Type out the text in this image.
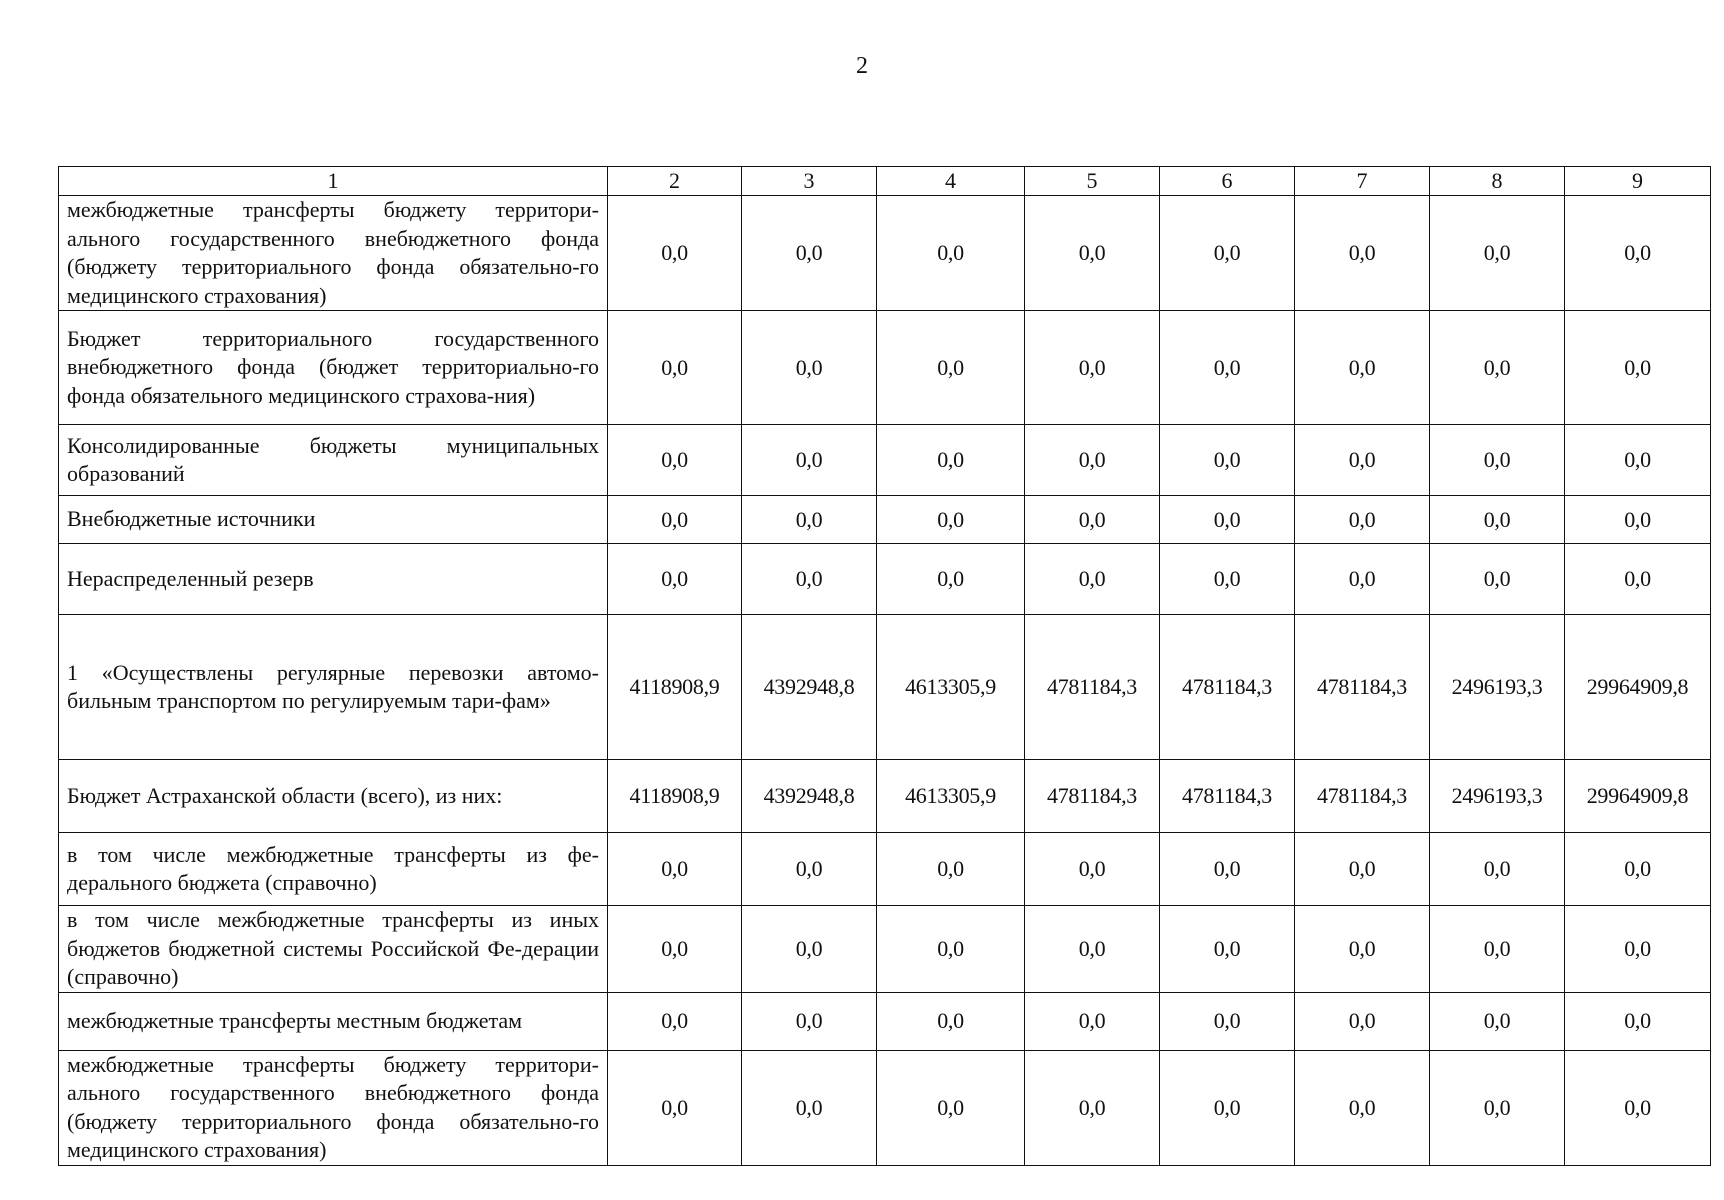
2
1	2	3	4	5	6	7	8	9
межбюджетные трансферты бюджету территори-ального государственного внебюджетного фонда (бюджету территориального фонда обязательно-го медицинского страхования)	0,0	0,0	0,0	0,0	0,0	0,0	0,0	0,0
Бюджет территориального государственного внебюджетного фонда (бюджет территориально-го фонда обязательного медицинского страхова-ния)	0,0	0,0	0,0	0,0	0,0	0,0	0,0	0,0
Консолидированные бюджеты муниципальных образований	0,0	0,0	0,0	0,0	0,0	0,0	0,0	0,0
Внебюджетные источники	0,0	0,0	0,0	0,0	0,0	0,0	0,0	0,0
Нераспределенный резерв	0,0	0,0	0,0	0,0	0,0	0,0	0,0	0,0
1 «Осуществлены регулярные перевозки автомо-бильным транспортом по регулируемым тари-фам»	4118908,9	4392948,8	4613305,9	4781184,3	4781184,3	4781184,3	2496193,3	29964909,8
Бюджет Астраханской области (всего), из них:	4118908,9	4392948,8	4613305,9	4781184,3	4781184,3	4781184,3	2496193,3	29964909,8
в том числе межбюджетные трансферты из фе-дерального бюджета (справочно)	0,0	0,0	0,0	0,0	0,0	0,0	0,0	0,0
в том числе межбюджетные трансферты из иных бюджетов бюджетной системы Российской Фе-дерации (справочно)	0,0	0,0	0,0	0,0	0,0	0,0	0,0	0,0
межбюджетные трансферты местным бюджетам	0,0	0,0	0,0	0,0	0,0	0,0	0,0	0,0
межбюджетные трансферты бюджету территори-ального государственного внебюджетного фонда (бюджету территориального фонда обязательно-го медицинского страхования)	0,0	0,0	0,0	0,0	0,0	0,0	0,0	0,0
